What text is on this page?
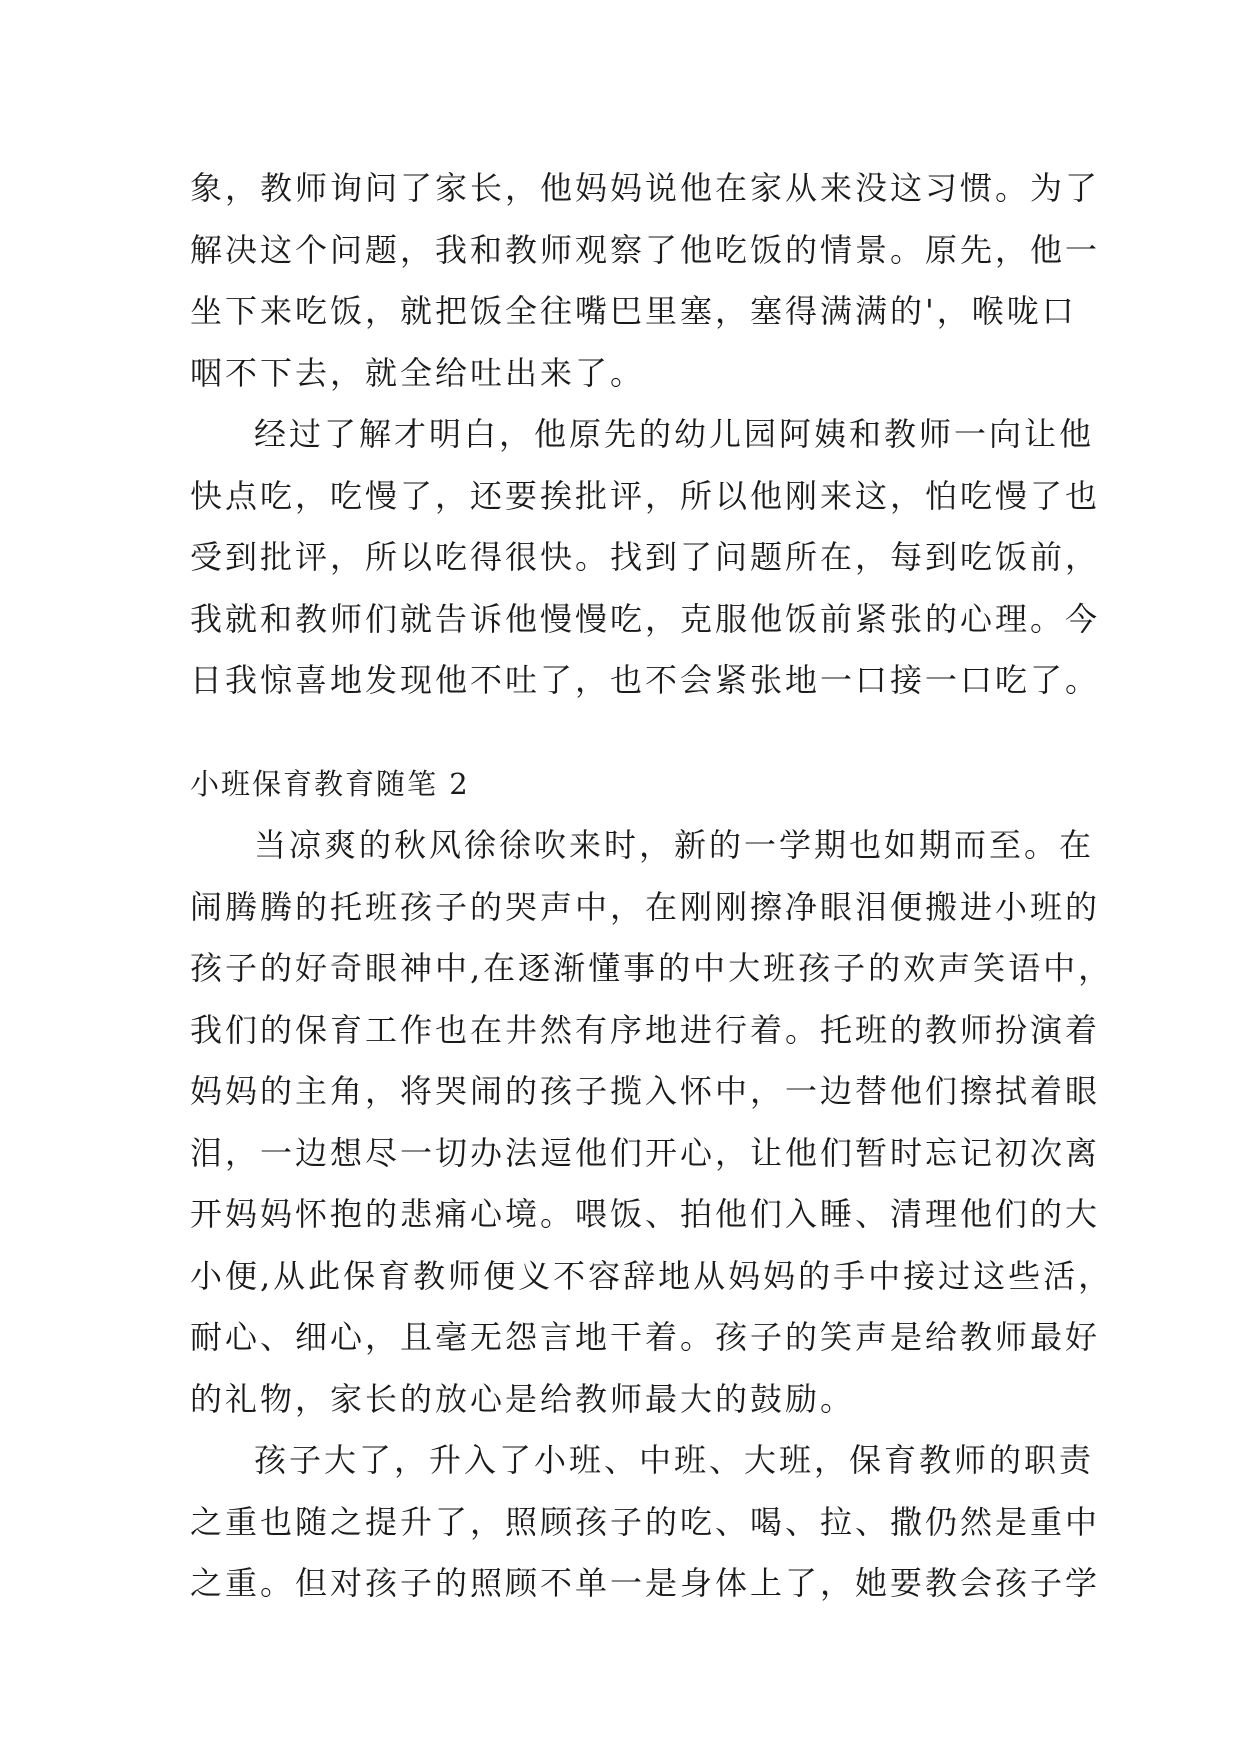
象，教师询问了家长，他妈妈说他在家从来没这习惯。为了
解决这个问题，我和教师观察了他吃饭的情景。原先，他一
坐下来吃饭，就把饭全往嘴巴里塞，塞得满满的'，喉咙口
咽不下去，就全给吐出来了。

经过了解才明白，他原先的幼儿园阿姨和教师一向让他
快点吃，吃慢了，还要挨批评，所以他刚来这，怕吃慢了也
受到批评，所以吃得很快。找到了问题所在，每到吃饭前，
我就和教师们就告诉他慢慢吃，克服他饭前紧张的心理。今
日我惊喜地发现他不吐了，也不会紧张地一口接一口吃了。

小班保育教育随笔 2

当凉爽的秋风徐徐吹来时，新的一学期也如期而至。在
闹腾腾的托班孩子的哭声中，在刚刚擦净眼泪便搬进小班的
孩子的好奇眼神中,在逐渐懂事的中大班孩子的欢声笑语中，
我们的保育工作也在井然有序地进行着。托班的教师扮演着
妈妈的主角，将哭闹的孩子揽入怀中，一边替他们擦拭着眼
泪，一边想尽一切办法逗他们开心，让他们暂时忘记初次离
开妈妈怀抱的悲痛心境。喂饭、拍他们入睡、清理他们的大
小便,从此保育教师便义不容辞地从妈妈的手中接过这些活，
耐心、细心，且毫无怨言地干着。孩子的笑声是给教师最好
的礼物，家长的放心是给教师最大的鼓励。

孩子大了，升入了小班、中班、大班，保育教师的职责
之重也随之提升了，照顾孩子的吃、喝、拉、撒仍然是重中
之重。但对孩子的照顾不单一是身体上了，她要教会孩子学
